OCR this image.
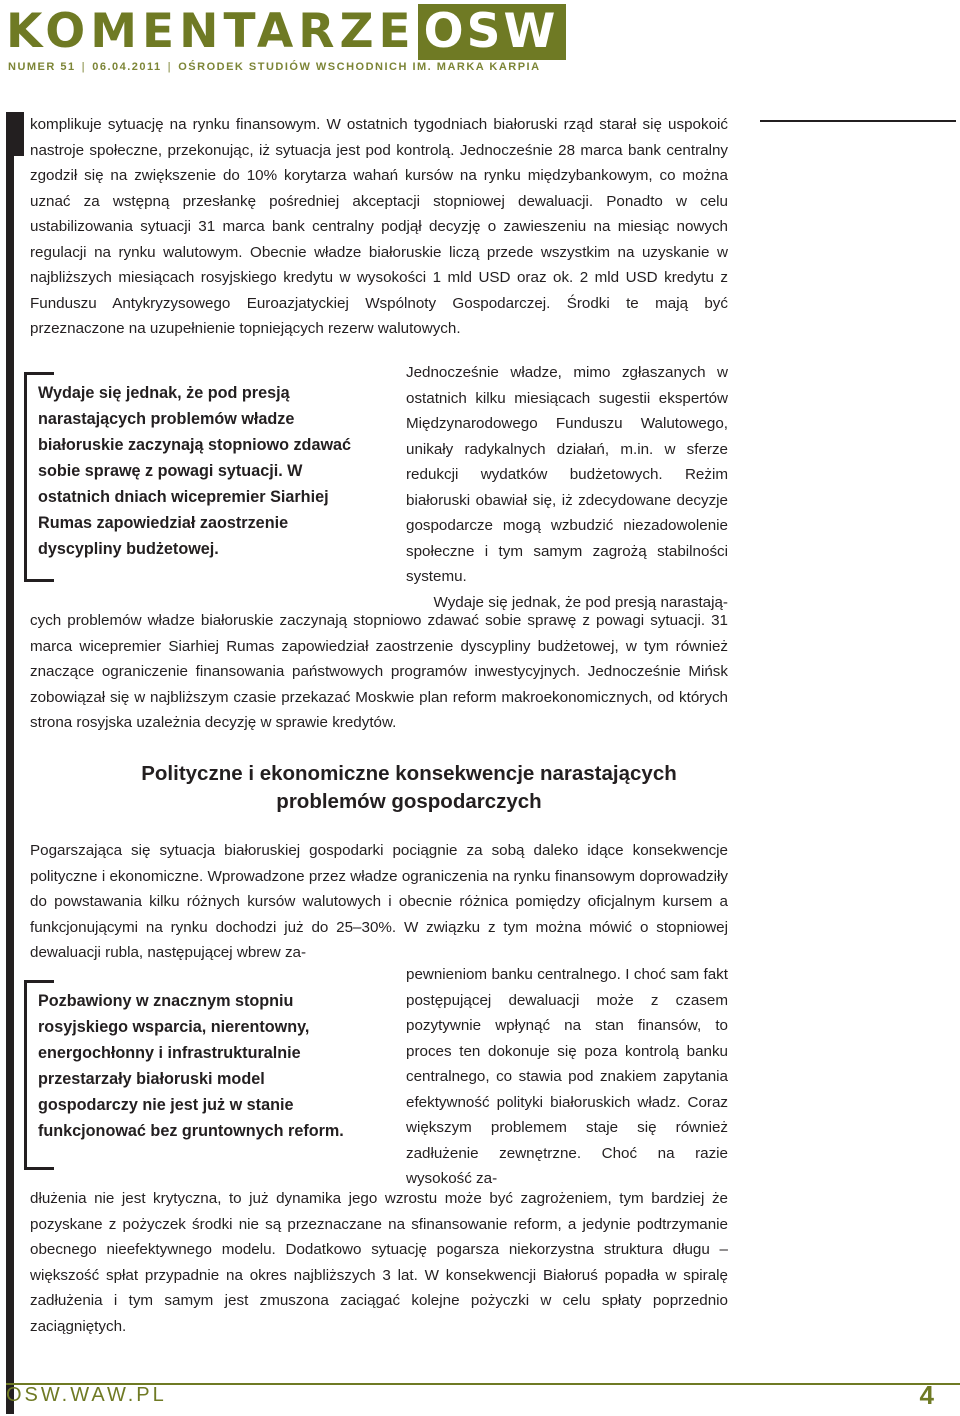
KOMENTARZE OSW
NUMER 51 | 06.04.2011 | OŚRODEK STUDIÓW WSCHODNICH IM. MARKA KARPIA

komplikuje sytuację na rynku finansowym. W ostatnich tygodniach białoruski rząd starał się uspokoić nastroje społeczne, przekonując, iż sytuacja jest pod kontrolą. Jednocześnie 28 marca bank centralny zgodził się na zwiększenie do 10% korytarza wahań kursów na rynku międzybankowym, co można uznać za wstępną przesłankę pośredniej akceptacji stopniowej dewaluacji. Ponadto w celu ustabilizowania sytuacji 31 marca bank centralny podjął decyzję o zawieszeniu na miesiąc nowych regulacji na rynku walutowym. Obecnie władze białoruskie liczą przede wszystkim na uzyskanie w najbliższych miesiącach rosyjskiego kredytu w wysokości 1 mld USD oraz ok. 2 mld USD kredytu z Funduszu Antykryzysowego Euroazjatyckiej Wspólnoty Gospodarczej. Środki te mają być przeznaczone na uzupełnienie topniejących rezerw walutowych.

Wydaje się jednak, że pod presją narastających problemów władze białoruskie zaczynają stopniowo zdawać sobie sprawę z powagi sytuacji. W ostatnich dniach wicepremier Siarhiej Rumas zapowiedział zaostrzenie dyscypliny budżetowej.

Jednocześnie władze, mimo zgłaszanych w ostatnich kilku miesiącach sugestii ekspertów Międzynarodowego Funduszu Walutowego, unikały radykalnych działań, m.in. w sferze redukcji wydatków budżetowych. Reżim białoruski obawiał się, iż zdecydowane decyzje gospodarcze mogą wzbudzić niezadowolenie społeczne i tym samym zagrożą stabilności systemu.

Wydaje się jednak, że pod presją narastają-

cych problemów władze białoruskie zaczynają stopniowo zdawać sobie sprawę z powagi sytuacji. 31 marca wicepremier Siarhiej Rumas zapowiedział zaostrzenie dyscypliny budżetowej, w tym również znaczące ograniczenie finansowania państwowych programów inwestycyjnych. Jednocześnie Mińsk zobowiązał się w najbliższym czasie przekazać Moskwie plan reform makroekonomicznych, od których strona rosyjska uzależnia decyzję w sprawie kredytów.

Polityczne i ekonomiczne konsekwencje narastających problemów gospodarczych

Pogarszająca się sytuacja białoruskiej gospodarki pociągnie za sobą daleko idące konsekwencje polityczne i ekonomiczne. Wprowadzone przez władze ograniczenia na rynku finansowym doprowadziły do powstawania kilku różnych kursów walutowych i obecnie różnica pomiędzy oficjalnym kursem a funkcjonującymi na rynku dochodzi już do 25–30%. W związku z tym można mówić o stopniowej dewaluacji rubla, następującej wbrew za-

Pozbawiony w znacznym stopniu rosyjskiego wsparcia, nierentowny, energochłonny i infrastrukturalnie przestarzały białoruski model gospodarczy nie jest już w stanie funkcjonować bez gruntownych reform.

pewnieniom banku centralnego. I choć sam fakt postępującej dewaluacji może z czasem pozytywnie wpłynąć na stan finansów, to proces ten dokonuje się poza kontrolą banku centralnego, co stawia pod znakiem zapytania efektywność polityki białoruskich władz. Coraz większym problemem staje się również zadłużenie zewnętrzne. Choć na razie wysokość za-

dłużenia nie jest krytyczna, to już dynamika jego wzrostu może być zagrożeniem, tym bardziej że pozyskane z pożyczek środki nie są przeznaczane na sfinansowanie reform, a jedynie podtrzymanie obecnego nieefektywnego modelu. Dodatkowo sytuację pogarsza niekorzystna struktura długu – większość spłat przypadnie na okres najbliższych 3 lat. W konsekwencji Białoruś popadła w spiralę zadłużenia i tym samym jest zmuszona zaciągać kolejne pożyczki w celu spłaty poprzednio zaciągniętych.

OSW.WAW.PL	4
